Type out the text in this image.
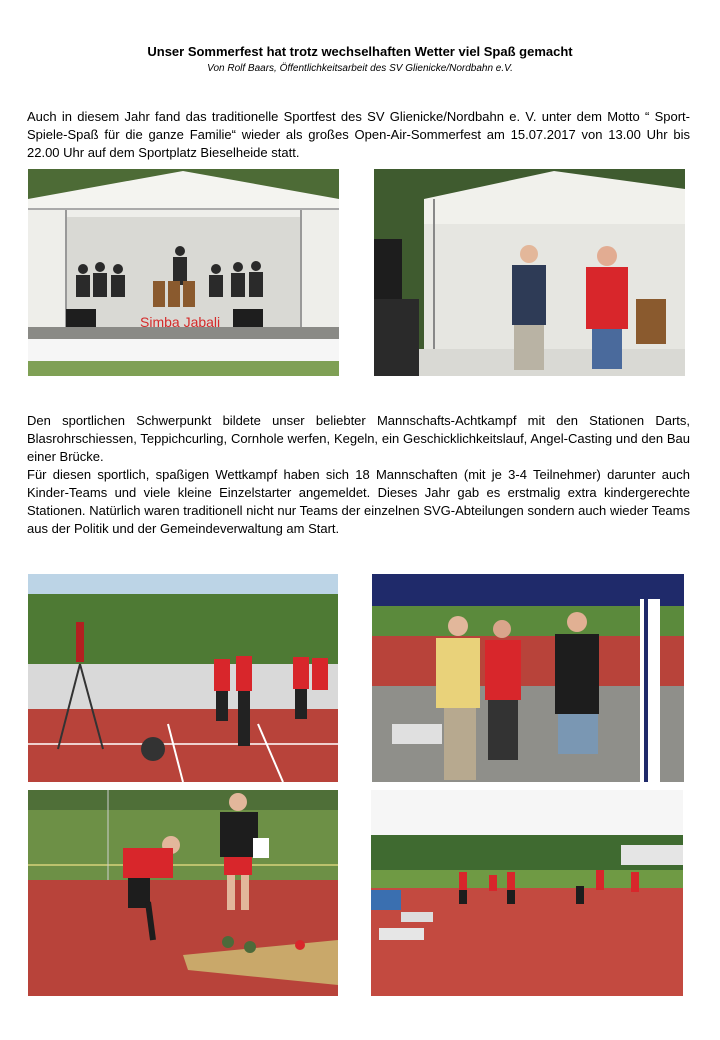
Unser Sommerfest hat trotz wechselhaften Wetter viel Spaß gemacht
Von Rolf Baars, Öffentlichkeitsarbeit des SV Glienicke/Nordbahn e.V.

Auch in diesem Jahr fand das traditionelle Sportfest des SV Glienicke/Nordbahn e. V. unter dem Motto “ Sport-Spiele-Spaß für die ganze Familie“ wieder als großes Open-Air-Sommerfest am 15.07.2017 von 13.00 Uhr bis 22.00 Uhr auf dem Sportplatz Bieselheide statt.

Simba Jabali

Den sportlichen Schwerpunkt bildete unser beliebter Mannschafts-Achtkampf mit den Stationen Darts, Blasrohrschiessen, Teppichcurling, Cornhole werfen, Kegeln, ein Geschicklichkeitslauf, Angel-Casting und den Bau einer Brücke.

Für diesen sportlich, spaßigen Wettkampf haben sich 18 Mannschaften (mit je 3-4 Teilnehmer) darunter auch Kinder-Teams und viele kleine Einzelstarter angemeldet. Dieses Jahr gab es erstmalig extra kindergerechte Stationen. Natürlich waren traditionell nicht nur Teams der einzelnen SVG-Abteilungen sondern auch wieder Teams aus der Politik und der Gemeindeverwaltung am Start.
